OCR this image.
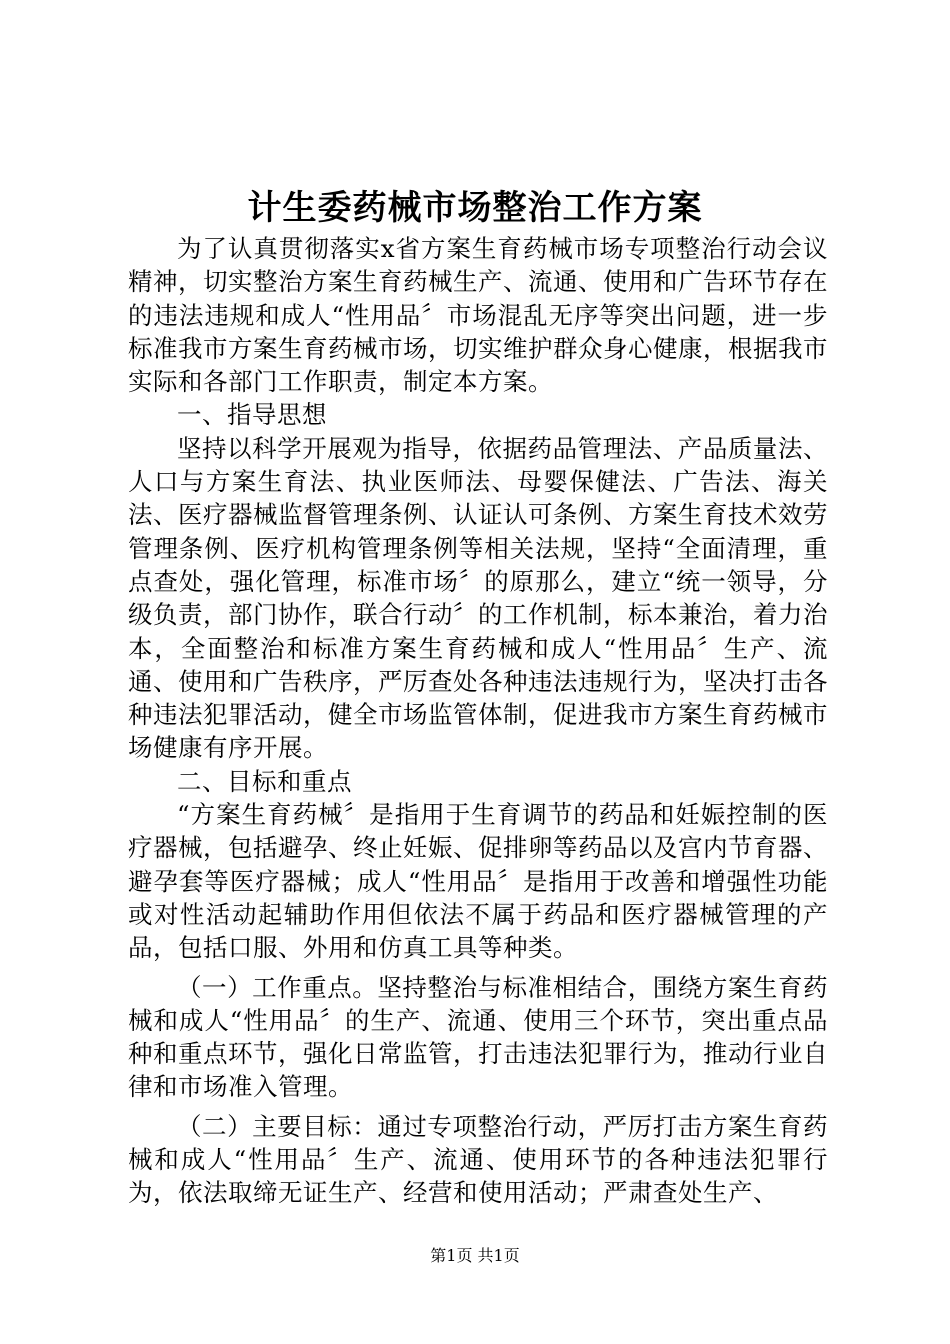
计生委药械市场整治工作方案

为了认真贯彻落实x省方案生育药械市场专项整治行动会议精神，切实整治方案生育药械生产、流通、使用和广告环节存在的违法违规和成人“性用品〞市场混乱无序等突出问题，进一步标准我市方案生育药械市场，切实维护群众身心健康，根据我市实际和各部门工作职责，制定本方案。

一、指导思想

坚持以科学开展观为指导，依据药品管理法、产品质量法、人口与方案生育法、执业医师法、母婴保健法、广告法、海关法、医疗器械监督管理条例、认证认可条例、方案生育技术效劳管理条例、医疗机构管理条例等相关法规，坚持“全面清理，重点查处，强化管理，标准市场〞的原那么，建立“统一领导，分级负责，部门协作，联合行动〞的工作机制，标本兼治，着力治本，全面整治和标准方案生育药械和成人“性用品〞生产、流通、使用和广告秩序，严厉查处各种违法违规行为，坚决打击各种违法犯罪活动，健全市场监管体制，促进我市方案生育药械市场健康有序开展。

二、目标和重点

“方案生育药械〞是指用于生育调节的药品和妊娠控制的医疗器械，包括避孕、终止妊娠、促排卵等药品以及宫内节育器、避孕套等医疗器械；成人“性用品〞是指用于改善和增强性功能或对性活动起辅助作用但依法不属于药品和医疗器械管理的产品，包括口服、外用和仿真工具等种类。

（一）工作重点。坚持整治与标准相结合，围绕方案生育药械和成人“性用品〞的生产、流通、使用三个环节，突出重点品种和重点环节，强化日常监管，打击违法犯罪行为，推动行业自律和市场准入管理。

（二）主要目标：通过专项整治行动，严厉打击方案生育药械和成人“性用品〞生产、流通、使用环节的各种违法犯罪行为，依法取缔无证生产、经营和使用活动；严肃查处生产、

第1页 共1页
